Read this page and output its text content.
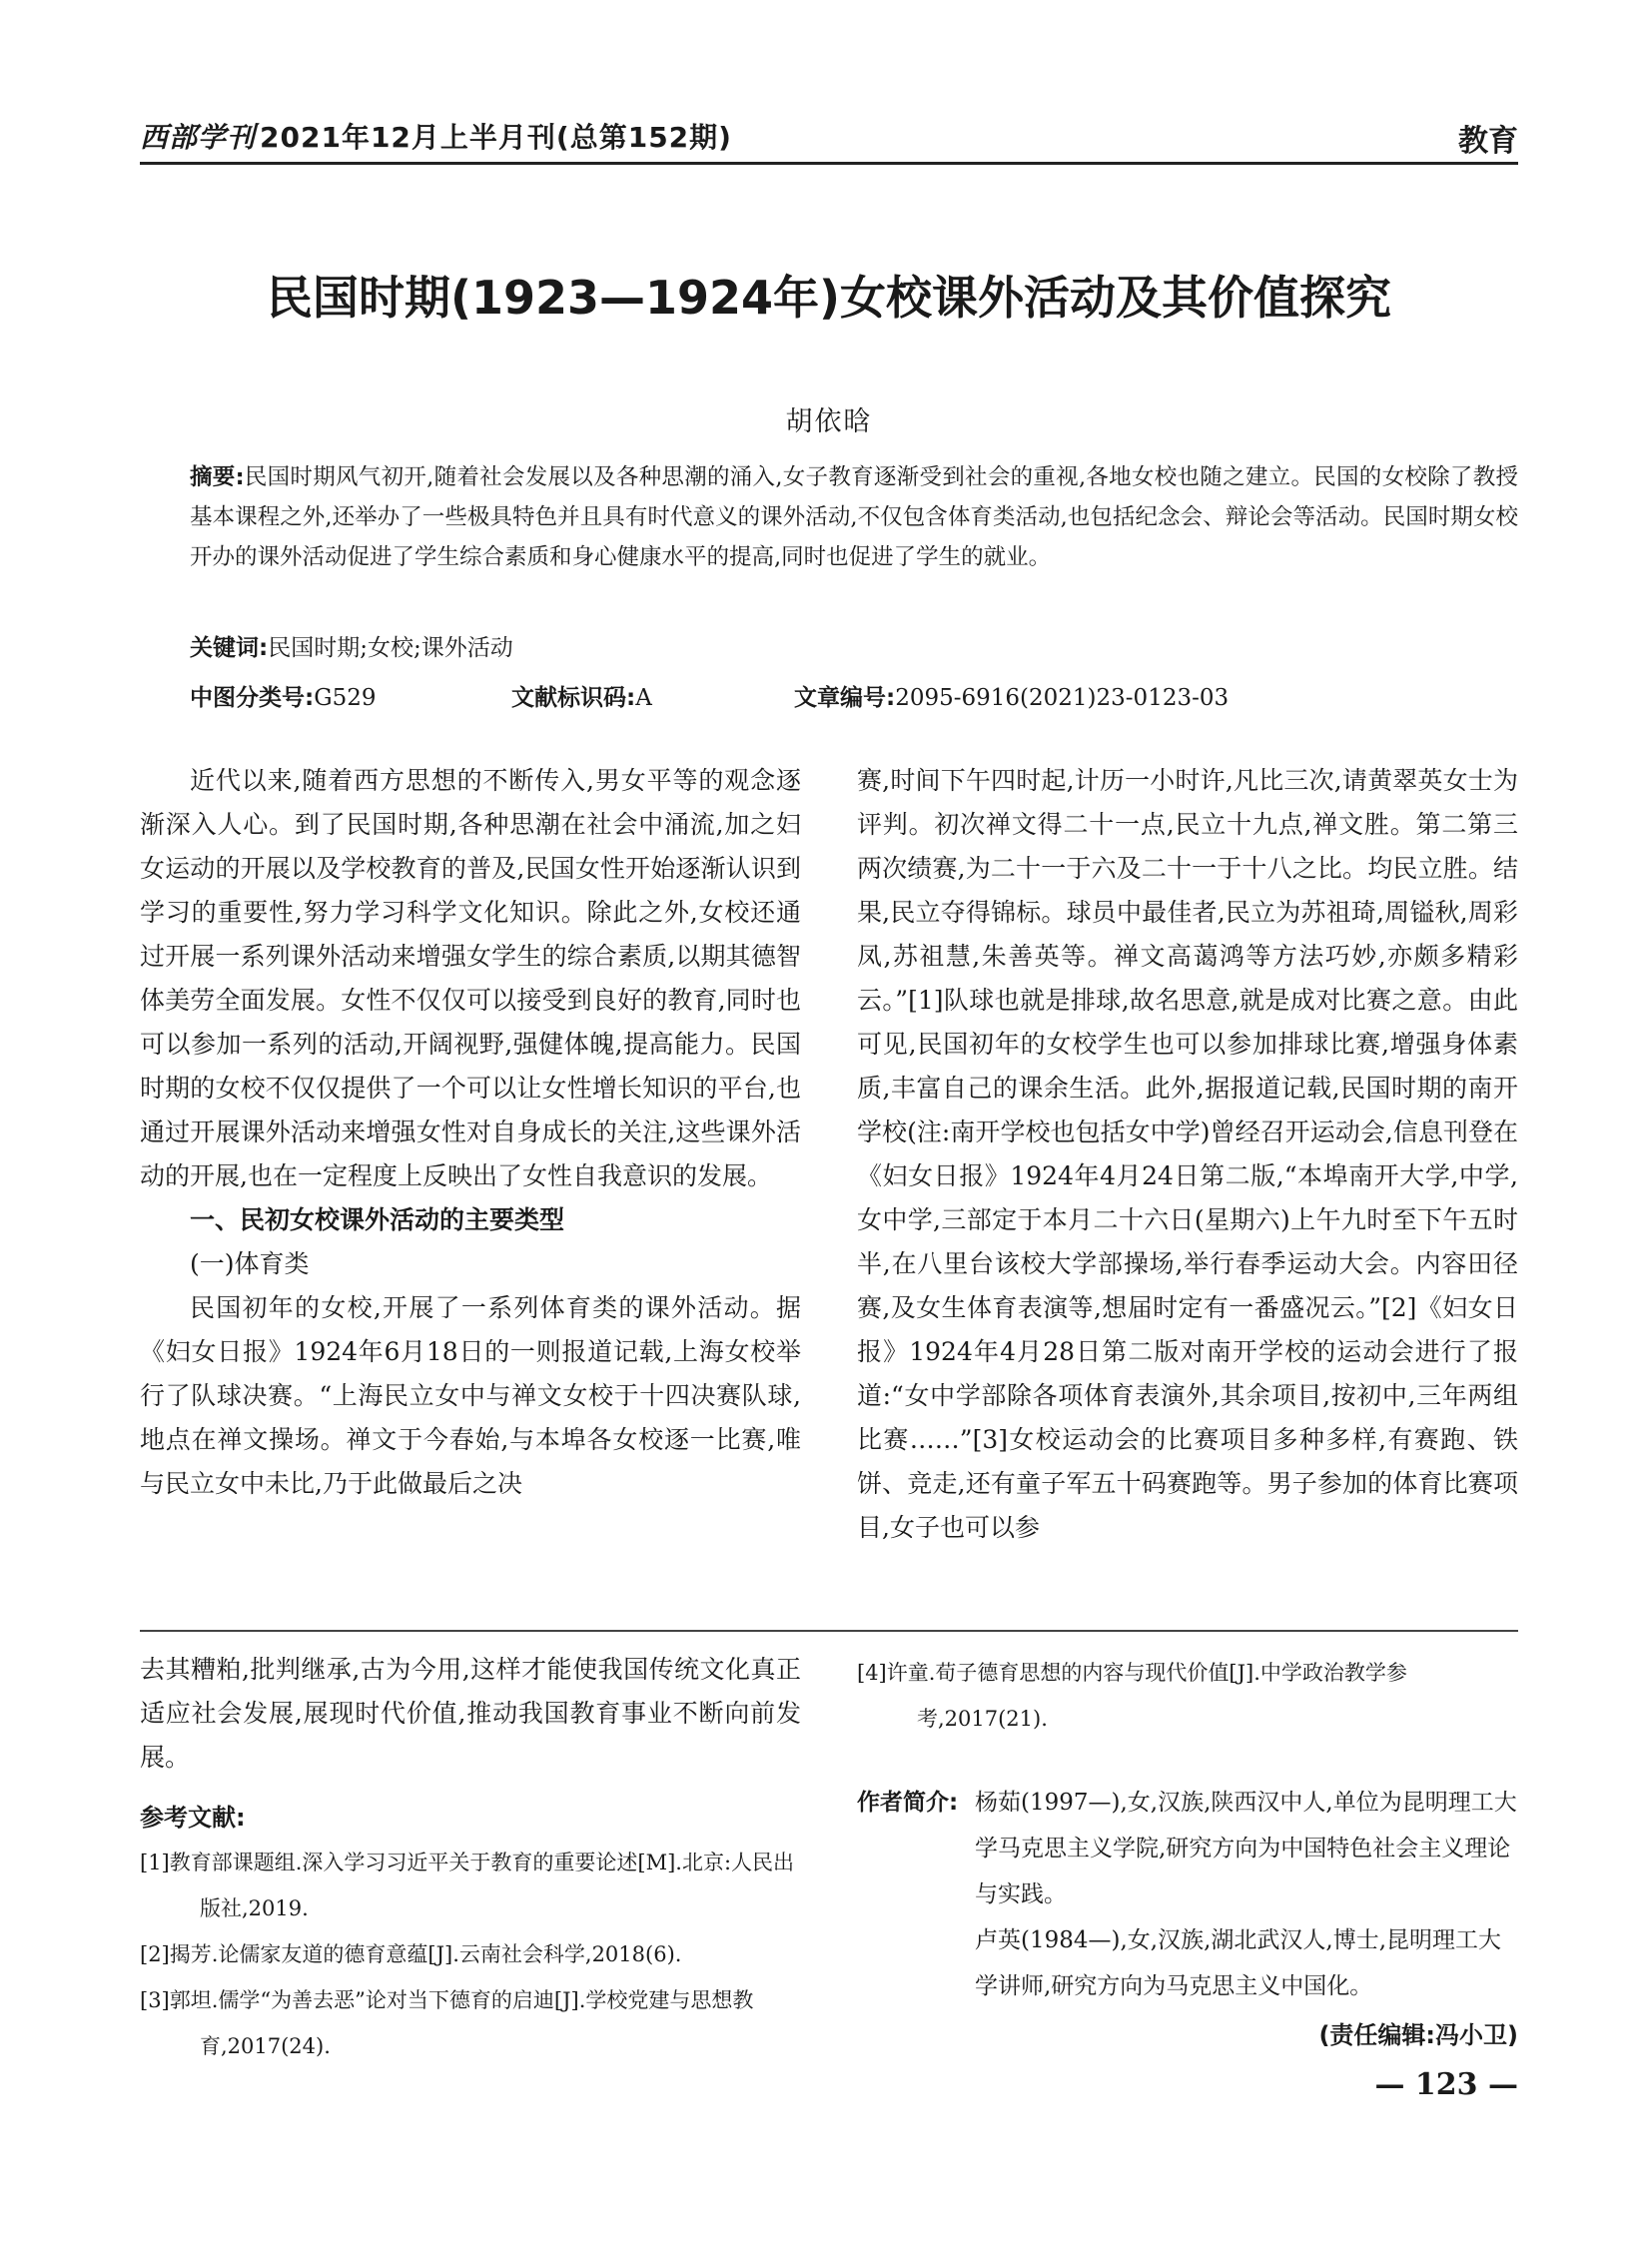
西部学刊 2021年12月上半月刊(总第152期)	教育
民国时期(1923—1924年)女校课外活动及其价值探究
胡依晗

摘要:民国时期风气初开,随着社会发展以及各种思潮的涌入,女子教育逐渐受到社会的重视,各地女校也随之建立。民国的女校除了教授基本课程之外,还举办了一些极具特色并且具有时代意义的课外活动,不仅包含体育类活动,也包括纪念会、辩论会等活动。民国时期女校开办的课外活动促进了学生综合素质和身心健康水平的提高,同时也促进了学生的就业。

关键词:民国时期;女校;课外活动
中图分类号:G529	文献标识码:A	文章编号:2095-6916(2021)23-0123-03

近代以来,随着西方思想的不断传入,男女平等的观念逐渐深入人心。到了民国时期,各种思潮在社会中涌流,加之妇女运动的开展以及学校教育的普及,民国女性开始逐渐认识到学习的重要性,努力学习科学文化知识。除此之外,女校还通过开展一系列课外活动来增强女学生的综合素质,以期其德智体美劳全面发展。女性不仅仅可以接受到良好的教育,同时也可以参加一系列的活动,开阔视野,强健体魄,提高能力。民国时期的女校不仅仅提供了一个可以让女性增长知识的平台,也通过开展课外活动来增强女性对自身成长的关注,这些课外活动的开展,也在一定程度上反映出了女性自我意识的发展。

一、民初女校课外活动的主要类型
(一)体育类

民国初年的女校,开展了一系列体育类的课外活动。据《妇女日报》1924年6月18日的一则报道记载,上海女校举行了队球决赛。“上海民立女中与禅文女校于十四决赛队球,地点在禅文操场。禅文于今春始,与本埠各女校逐一比赛,唯与民立女中未比,乃于此做最后之决

赛,时间下午四时起,计历一小时许,凡比三次,请黄翠英女士为评判。初次禅文得二十一点,民立十九点,禅文胜。第二第三两次绩赛,为二十一于六及二十一于十八之比。均民立胜。结果,民立夺得锦标。球员中最佳者,民立为苏祖琦,周镒秋,周彩凤,苏祖慧,朱善英等。禅文高蔼鸿等方法巧妙,亦颇多精彩云。”[1]队球也就是排球,故名思意,就是成对比赛之意。由此可见,民国初年的女校学生也可以参加排球比赛,增强身体素质,丰富自己的课余生活。此外,据报道记载,民国时期的南开学校(注:南开学校也包括女中学)曾经召开运动会,信息刊登在《妇女日报》1924年4月24日第二版,“本埠南开大学,中学,女中学,三部定于本月二十六日(星期六)上午九时至下午五时半,在八里台该校大学部操场,举行春季运动大会。内容田径赛,及女生体育表演等,想届时定有一番盛况云。”[2]《妇女日报》1924年4月28日第二版对南开学校的运动会进行了报道:“女中学部除各项体育表演外,其余项目,按初中,三年两组比赛……”[3]女校运动会的比赛项目多种多样,有赛跑、铁饼、竞走,还有童子军五十码赛跑等。男子参加的体育比赛项目,女子也可以参

去其糟粕,批判继承,古为今用,这样才能使我国传统文化真正适应社会发展,展现时代价值,推动我国教育事业不断向前发展。

参考文献:
[1]教育部课题组.深入学习习近平关于教育的重要论述[M].北京:人民出版社,2019.
[2]揭芳.论儒家友道的德育意蕴[J].云南社会科学,2018(6).
[3]郭坦.儒学“为善去恶”论对当下德育的启迪[J].学校党建与思想教育,2017(24).
[4]许童.荀子德育思想的内容与现代价值[J].中学政治教学参考,2017(21).
作者简介: 杨茹(1997—),女,汉族,陕西汉中人,单位为昆明理工大学马克思主义学院,研究方向为中国特色社会主义理论与实践。
卢英(1984—),女,汉族,湖北武汉人,博士,昆明理工大学讲师,研究方向为马克思主义中国化。
(责任编辑:冯小卫)
— 123 —
